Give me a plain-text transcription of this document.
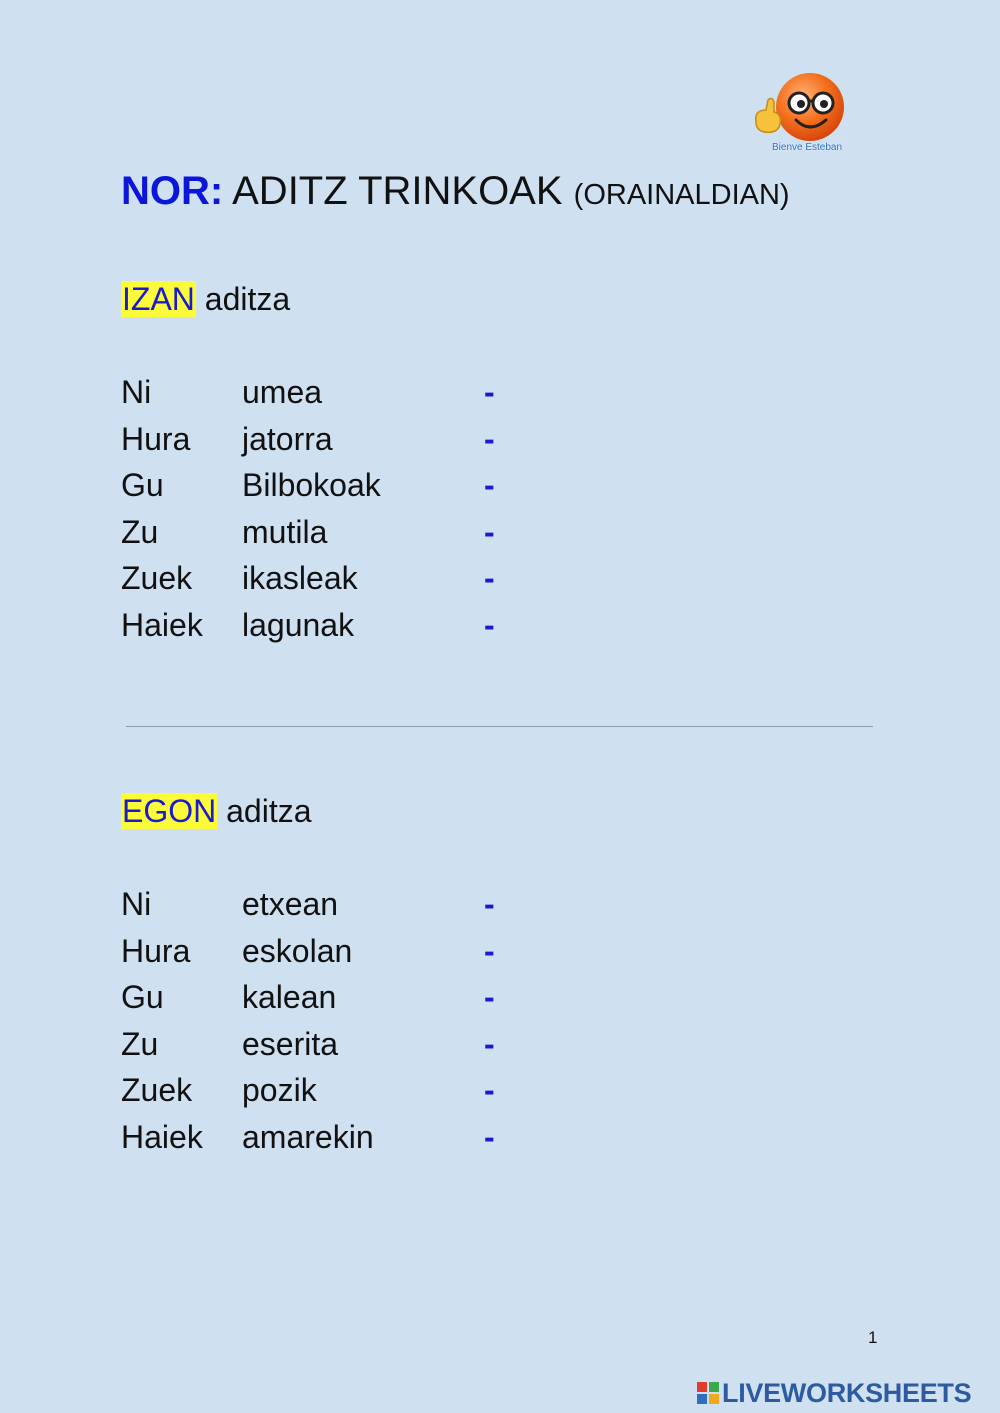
Bienve Esteban
NOR: ADITZ TRINKOAK (ORAINALDIAN)
IZAN aditza
Ni	umea	-
Hura jatorra	-
Gu Bilbokoak	-
Zu	mutila	-
Zuek ikasleak	-
Haiek lagunak	-
EGON aditza
Ni	etxean	-
Hura eskolan	-
Gu kalean	-
Zu	eserita	-
Zuek pozik	-
Haiek amarekin	-
1
LIVEWORKSHEETS
